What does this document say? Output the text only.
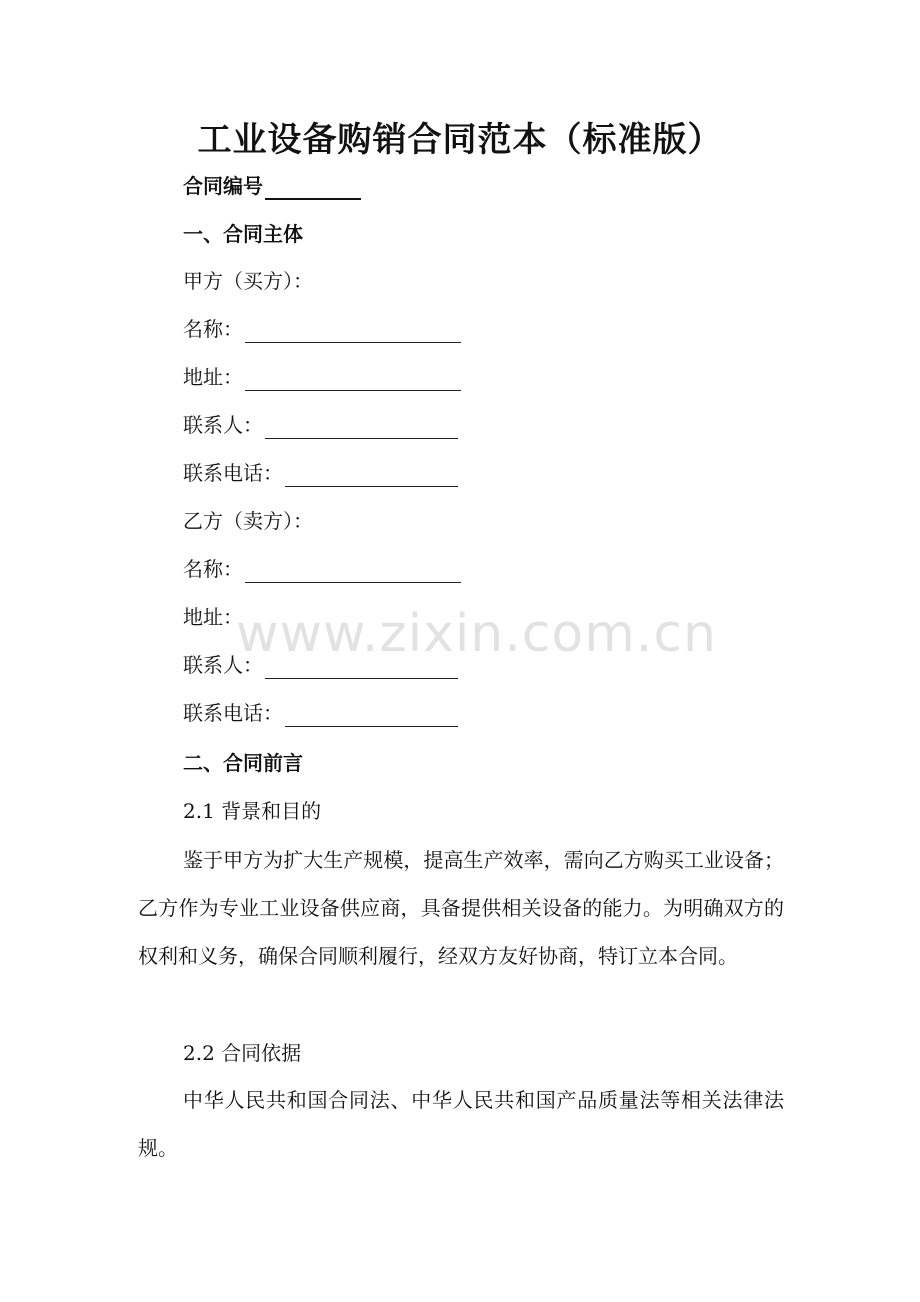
工业设备购销合同范本（标准版）
合同编号
一、合同主体
甲方（买方）：
名称：
地址：
联系人：
联系电话：
乙方（卖方）：
名称：
地址：
联系人：
联系电话：
二、合同前言
2.1 背景和目的

鉴于甲方为扩大生产规模，提高生产效率，需向乙方购买工业设备；乙方作为专业工业设备供应商，具备提供相关设备的能力。为明确双方的权利和义务，确保合同顺利履行，经双方友好协商，特订立本合同。

2.2 合同依据

中华人民共和国合同法、中华人民共和国产品质量法等相关法律法规。

www.zixin.com.cn
